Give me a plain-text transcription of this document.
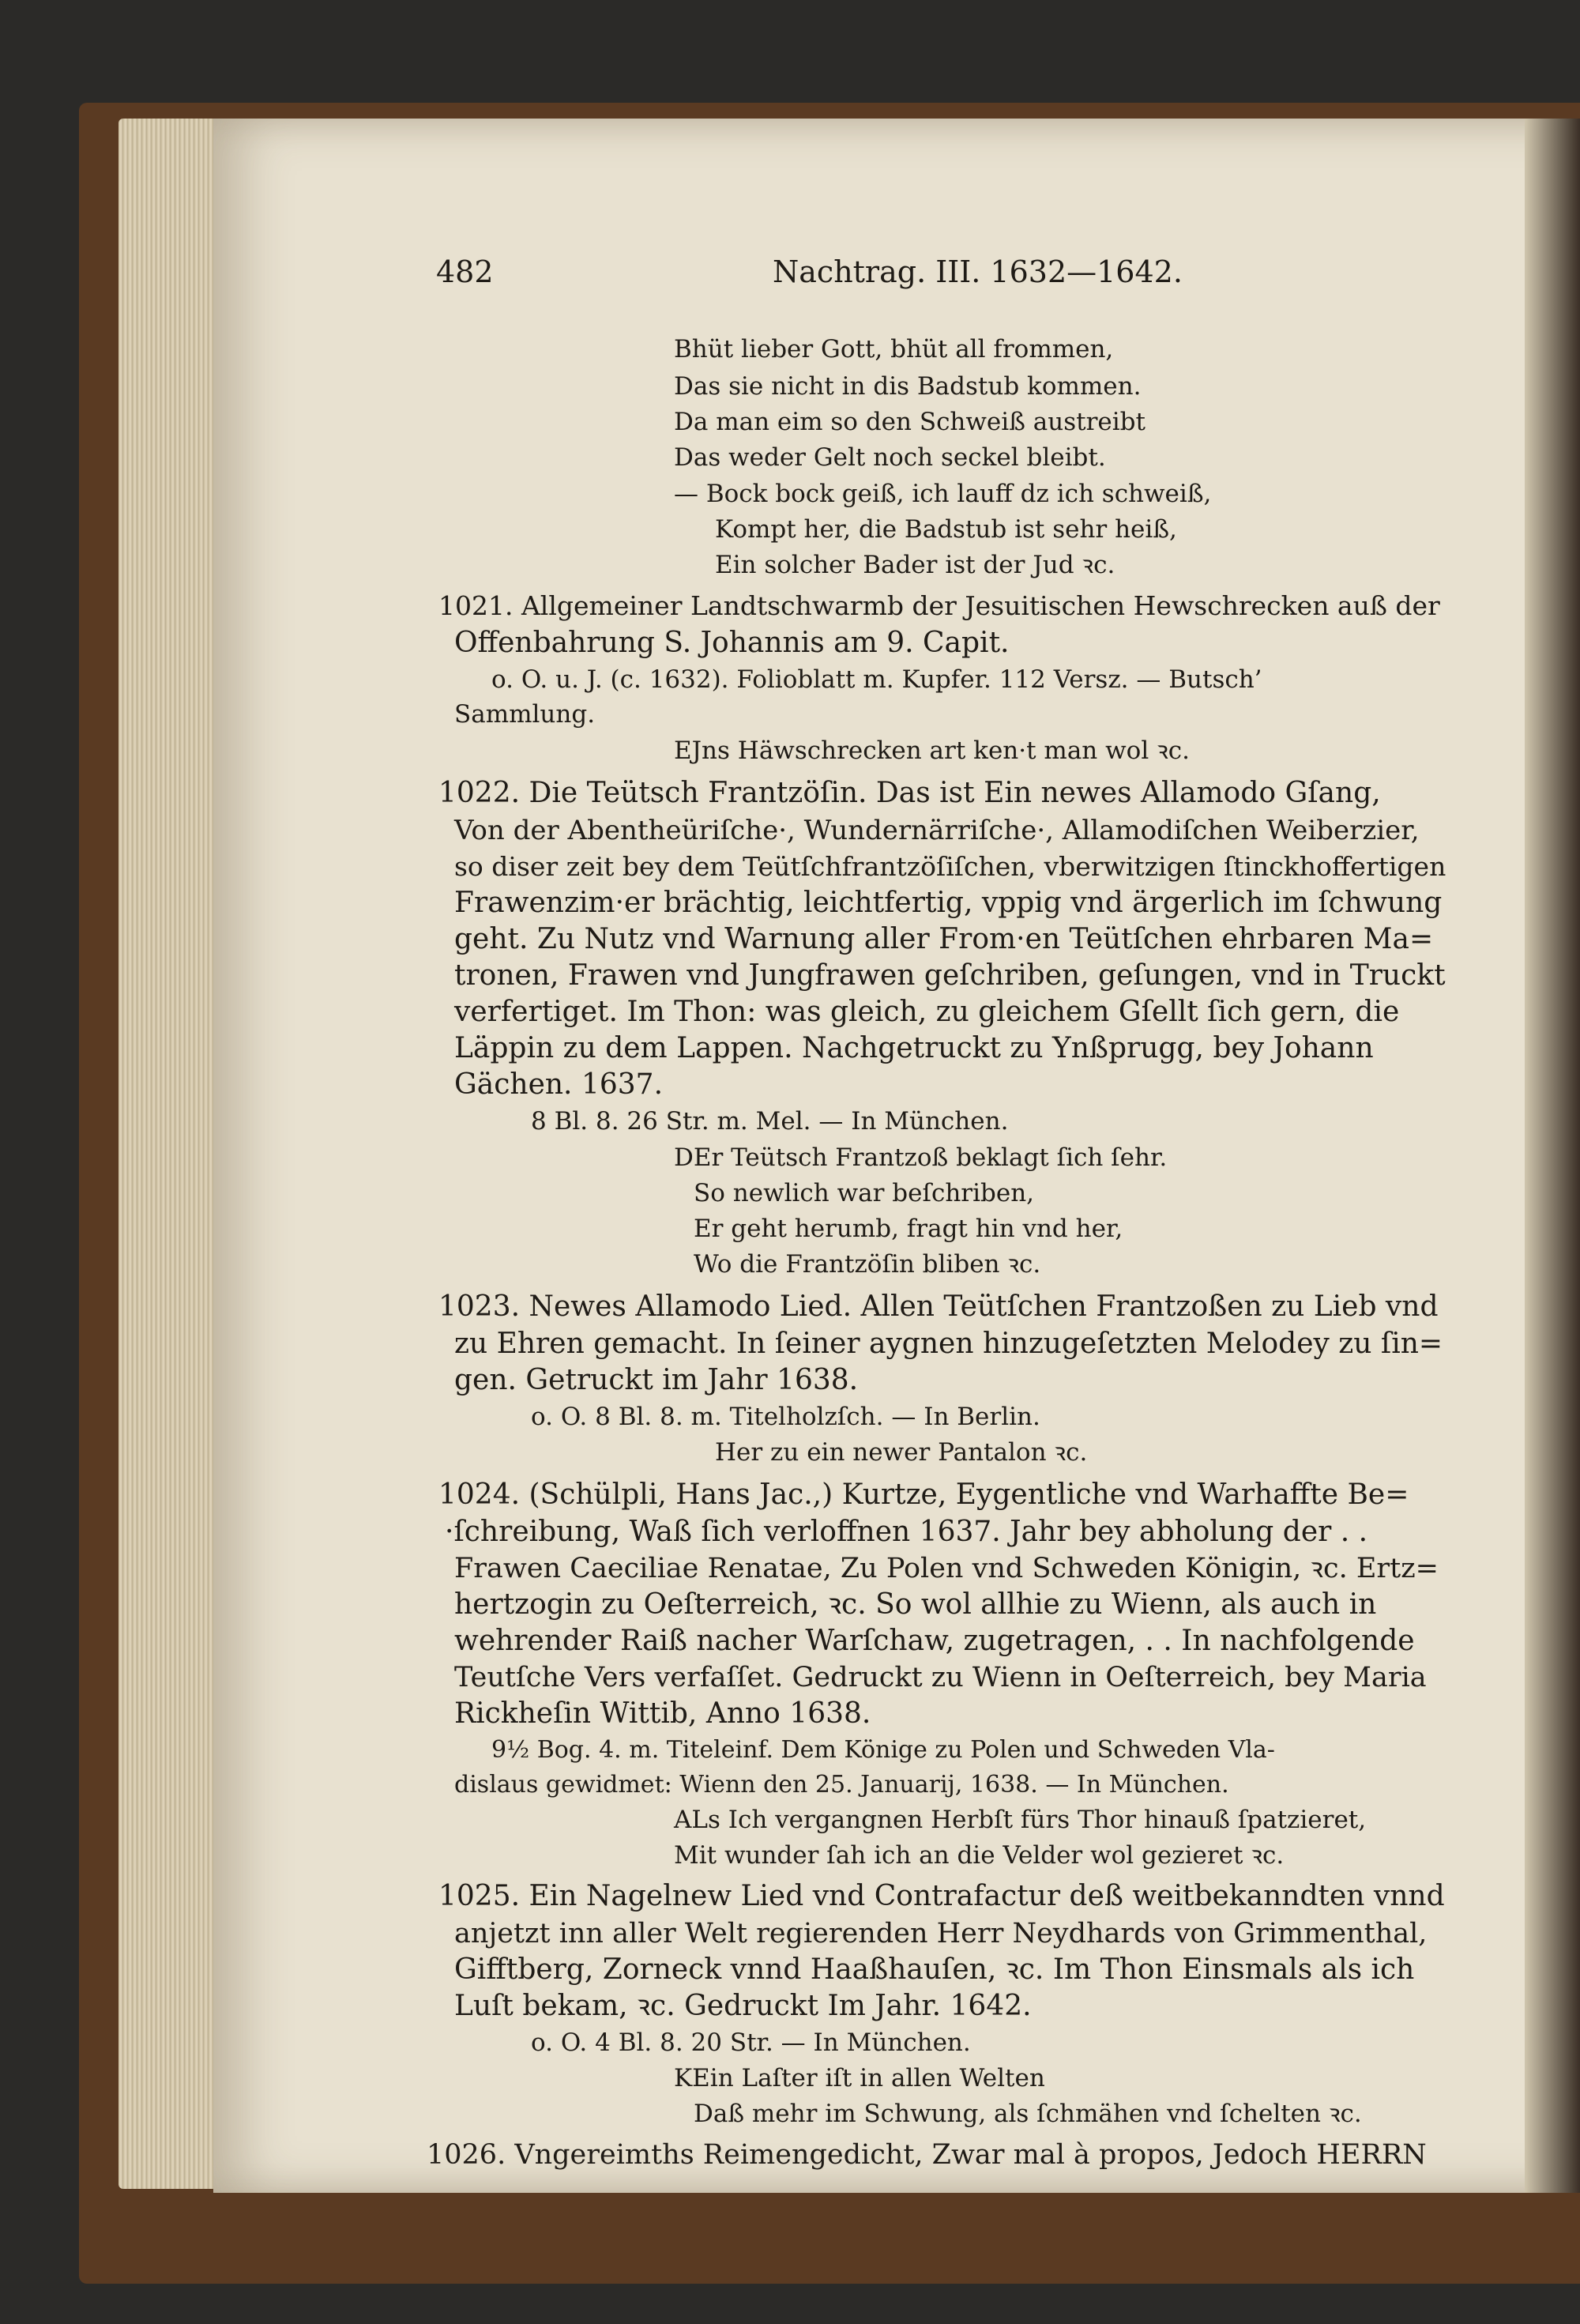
482	Nachtrag. III. 1632—1642.
Bhüt lieber Gott, bhüt all frommen,
Das sie nicht in dis Badstub kommen.
Da man eim so den Schweiß austreibt
Das weder Gelt noch seckel bleibt.
— Bock bock geiß, ich lauff dz ich schweiß,
Kompt her, die Badstub ist sehr heiß,
Ein solcher Bader ist der Jud ꝛc.
1021. Allgemeiner Landtschwarmb der Jesuitischen Hewschrecken auß der
Offenbahrung S. Johannis am 9. Capit.
o. O. u. J. (c. 1632). Folioblatt m. Kupfer. 112 Versz. — Butsch’
Sammlung.
EJns Häwschrecken art ken·t man wol ꝛc.
1022. Die Teütsch Frantzöſin. Das ist Ein newes Allamodo Gſang,
Von der Abentheüriſche·, Wundernärriſche·, Allamodiſchen Weiberzier,
so diser zeit bey dem Teütſchfrantzöſiſchen, vberwitzigen ſtinckhoffertigen
Frawenzim·er brächtig, leichtfertig, vppig vnd ärgerlich im ſchwung
geht. Zu Nutz vnd Warnung aller From·en Teütſchen ehrbaren Ma=
tronen, Frawen vnd Jungfrawen geſchriben, geſungen, vnd in Truckt
verfertiget. Im Thon: was gleich, zu gleichem Gſellt ſich gern, die
Läppin zu dem Lappen. Nachgetruckt zu Ynßprugg, bey Johann
Gächen. 1637.
8 Bl. 8. 26 Str. m. Mel. — In München.
DEr Teütsch Frantzoß beklagt ſich ſehr.
So newlich war beſchriben,
Er geht herumb, fragt hin vnd her,
Wo die Frantzöſin bliben ꝛc.
1023. Newes Allamodo Lied. Allen Teütſchen Frantzoßen zu Lieb vnd
zu Ehren gemacht. In ſeiner aygnen hinzugeſetzten Melodey zu ſin=
gen. Getruckt im Jahr 1638.
o. O. 8 Bl. 8. m. Titelholzſch. — In Berlin.
Her zu ein newer Pantalon ꝛc.
1024. (Schülpli, Hans Jac.,) Kurtze, Eygentliche vnd Warhaffte Be=
·ſchreibung, Waß ſich verloffnen 1637. Jahr bey abholung der . .
Frawen Caeciliae Renatae, Zu Polen vnd Schweden Königin, ꝛc. Ertz=
hertzogin zu Oeſterreich, ꝛc. So wol allhie zu Wienn, als auch in
wehrender Raiß nacher Warſchaw, zugetragen, . . In nachfolgende
Teutſche Vers verfaſſet. Gedruckt zu Wienn in Oeſterreich, bey Maria
Rickheſin Wittib, Anno 1638.
9½ Bog. 4. m. Titeleinf. Dem Könige zu Polen und Schweden Vla-
dislaus gewidmet: Wienn den 25. Januarij, 1638. — In München.
ALs Ich vergangnen Herbſt fürs Thor hinauß ſpatzieret,
Mit wunder ſah ich an die Velder wol gezieret ꝛc.
1025. Ein Nagelnew Lied vnd Contrafactur deß weitbekanndten vnnd
anjetzt inn aller Welt regierenden Herr Neydhards von Grimmenthal,
Gifftberg, Zorneck vnnd Haaßhauſen, ꝛc. Im Thon Einsmals als ich
Luſt bekam, ꝛc. Gedruckt Im Jahr. 1642.
o. O. 4 Bl. 8. 20 Str. — In München.
KEin Laſter iſt in allen Welten
Daß mehr im Schwung, als ſchmähen vnd ſchelten ꝛc.
1026. Vngereimths Reimengedicht, Zwar mal à propos, Jedoch HERRN
